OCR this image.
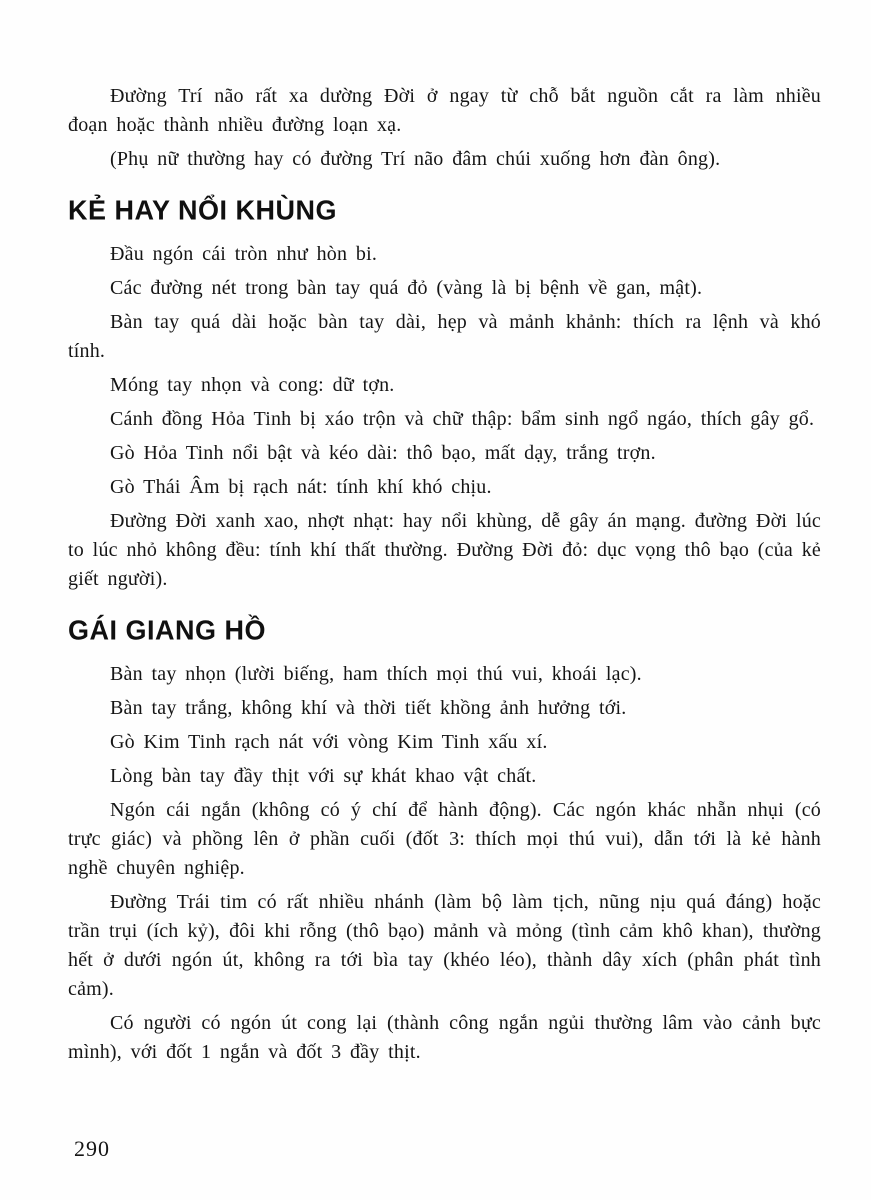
Đường Trí não rất xa dường Đời ở ngay từ chỗ bắt nguồn cắt ra làm nhiều đoạn hoặc thành nhiều đường loạn xạ.

(Phụ nữ thường hay có đường Trí não đâm chúi xuống hơn đàn ông).

KẺ HAY NỔI KHÙNG

Đầu ngón cái tròn như hòn bi.

Các đường nét trong bàn tay quá đỏ (vàng là bị bệnh về gan, mật).

Bàn tay quá dài hoặc bàn tay dài, hẹp và mảnh khảnh: thích ra lệnh và khó tính.

Móng tay nhọn và cong: dữ tợn.

Cánh đồng Hỏa Tinh bị xáo trộn và chữ thập: bẩm sinh ngổ ngáo, thích gây gổ.

Gò Hỏa Tinh nổi bật và kéo dài: thô bạo, mất dạy, trắng trợn.

Gò Thái Âm bị rạch nát: tính khí khó chịu.

Đường Đời xanh xao, nhợt nhạt: hay nổi khùng, dễ gây án mạng. đường Đời lúc to lúc nhỏ không đều: tính khí thất thường. Đường Đời đỏ: dục vọng thô bạo (của kẻ giết người).

GÁI GIANG HỒ

Bàn tay nhọn (lười biếng, ham thích mọi thú vui, khoái lạc).

Bàn tay trắng, không khí và thời tiết khồng ảnh hưởng tới.

Gò Kim Tinh rạch nát với vòng Kim Tinh xấu xí.

Lòng bàn tay đầy thịt với sự khát khao vật chất.

Ngón cái ngắn (không có ý chí để hành động). Các ngón khác nhẵn nhụi (có trực giác) và phồng lên ở phần cuối (đốt 3: thích mọi thú vui), dẫn tới là kẻ hành nghề chuyên nghiệp.

Đường Trái tim có rất nhiều nhánh (làm bộ làm tịch, nũng nịu quá đáng) hoặc trần trụi (ích kỷ), đôi khi rỗng (thô bạo) mảnh và mỏng (tình cảm khô khan), thường hết ở dưới ngón út, không ra tới bìa tay (khéo léo), thành dây xích (phân phát tình cảm).

Có người có ngón út cong lại (thành công ngắn ngủi thường lâm vào cảnh bực mình), với đốt 1 ngắn và đốt 3 đầy thịt.

290
